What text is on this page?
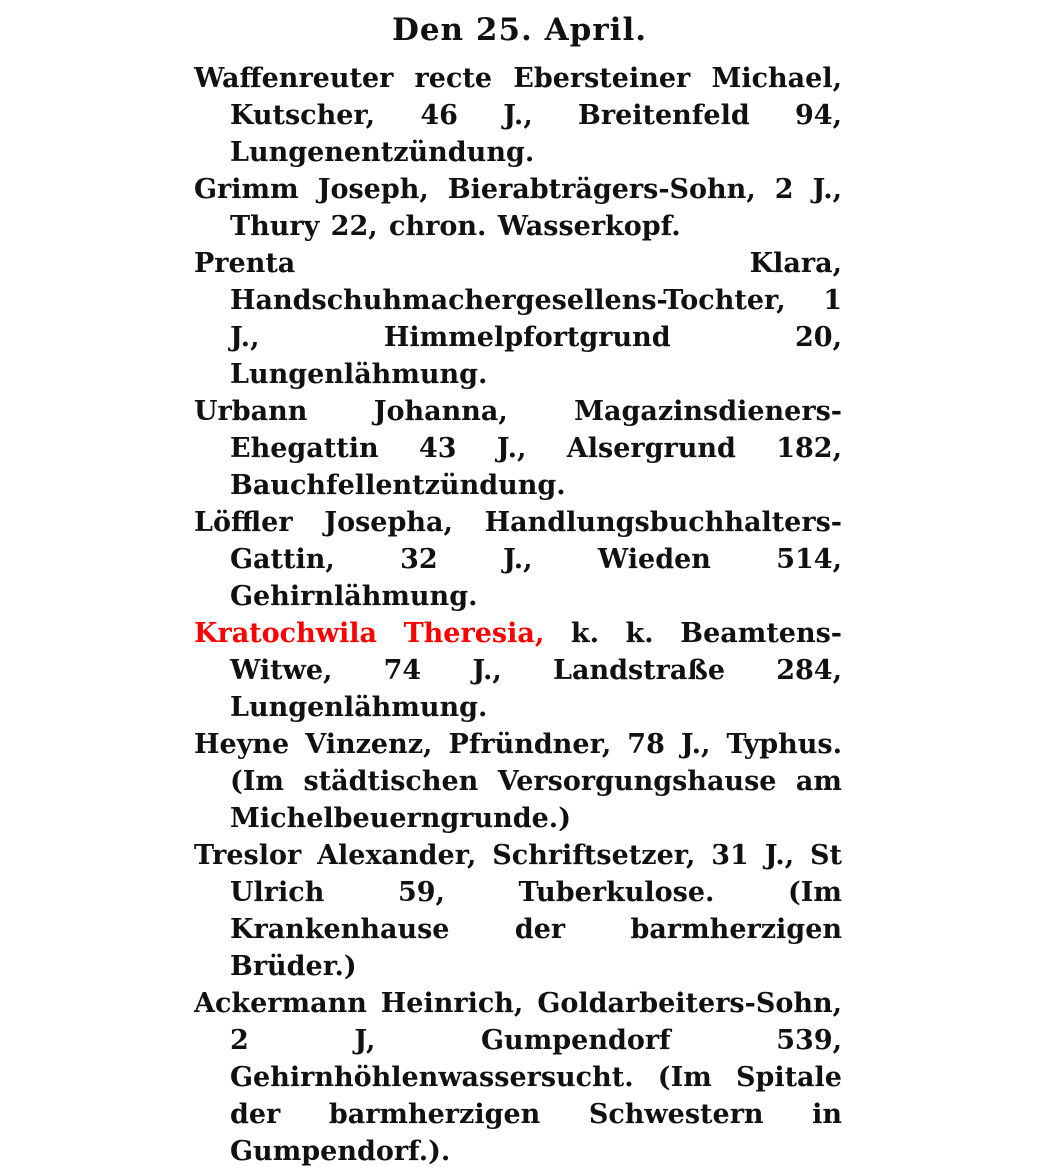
Den 25. April.

Waffenreuter recte Ebersteiner Michael, Kutscher, 46 J., Breitenfeld 94, Lungenentzündung.

Grimm Joseph, Bierabträgers-Sohn, 2 J., Thury 22, chron. Wasserkopf.

Prenta Klara, Handschuhmachergesellens-Tochter, 1 J., Himmelpfortgrund 20, Lungenlähmung.

Urbann Johanna, Magazinsdieners-Ehegattin 43 J., Alsergrund 182, Bauchfellentzündung.

Löffler Josepha, Handlungsbuchhalters-Gattin, 32 J., Wieden 514, Gehirnlähmung.

Kratochwila Theresia, k. k. Beamtens-Witwe, 74 J., Landstraße 284, Lungenlähmung.

Heyne Vinzenz, Pfründner, 78 J., Typhus. (Im städtischen Versorgungshause am Michelbeuerngrunde.)

Treslor Alexander, Schriftsetzer, 31 J., St Ulrich 59, Tuberkulose. (Im Krankenhause der barmherzigen Brüder.)

Ackermann Heinrich, Goldarbeiters-Sohn, 2 J, Gumpendorf 539, Gehirnhöhlenwassersucht. (Im Spitale der barmherzigen Schwestern in Gumpendorf.).
